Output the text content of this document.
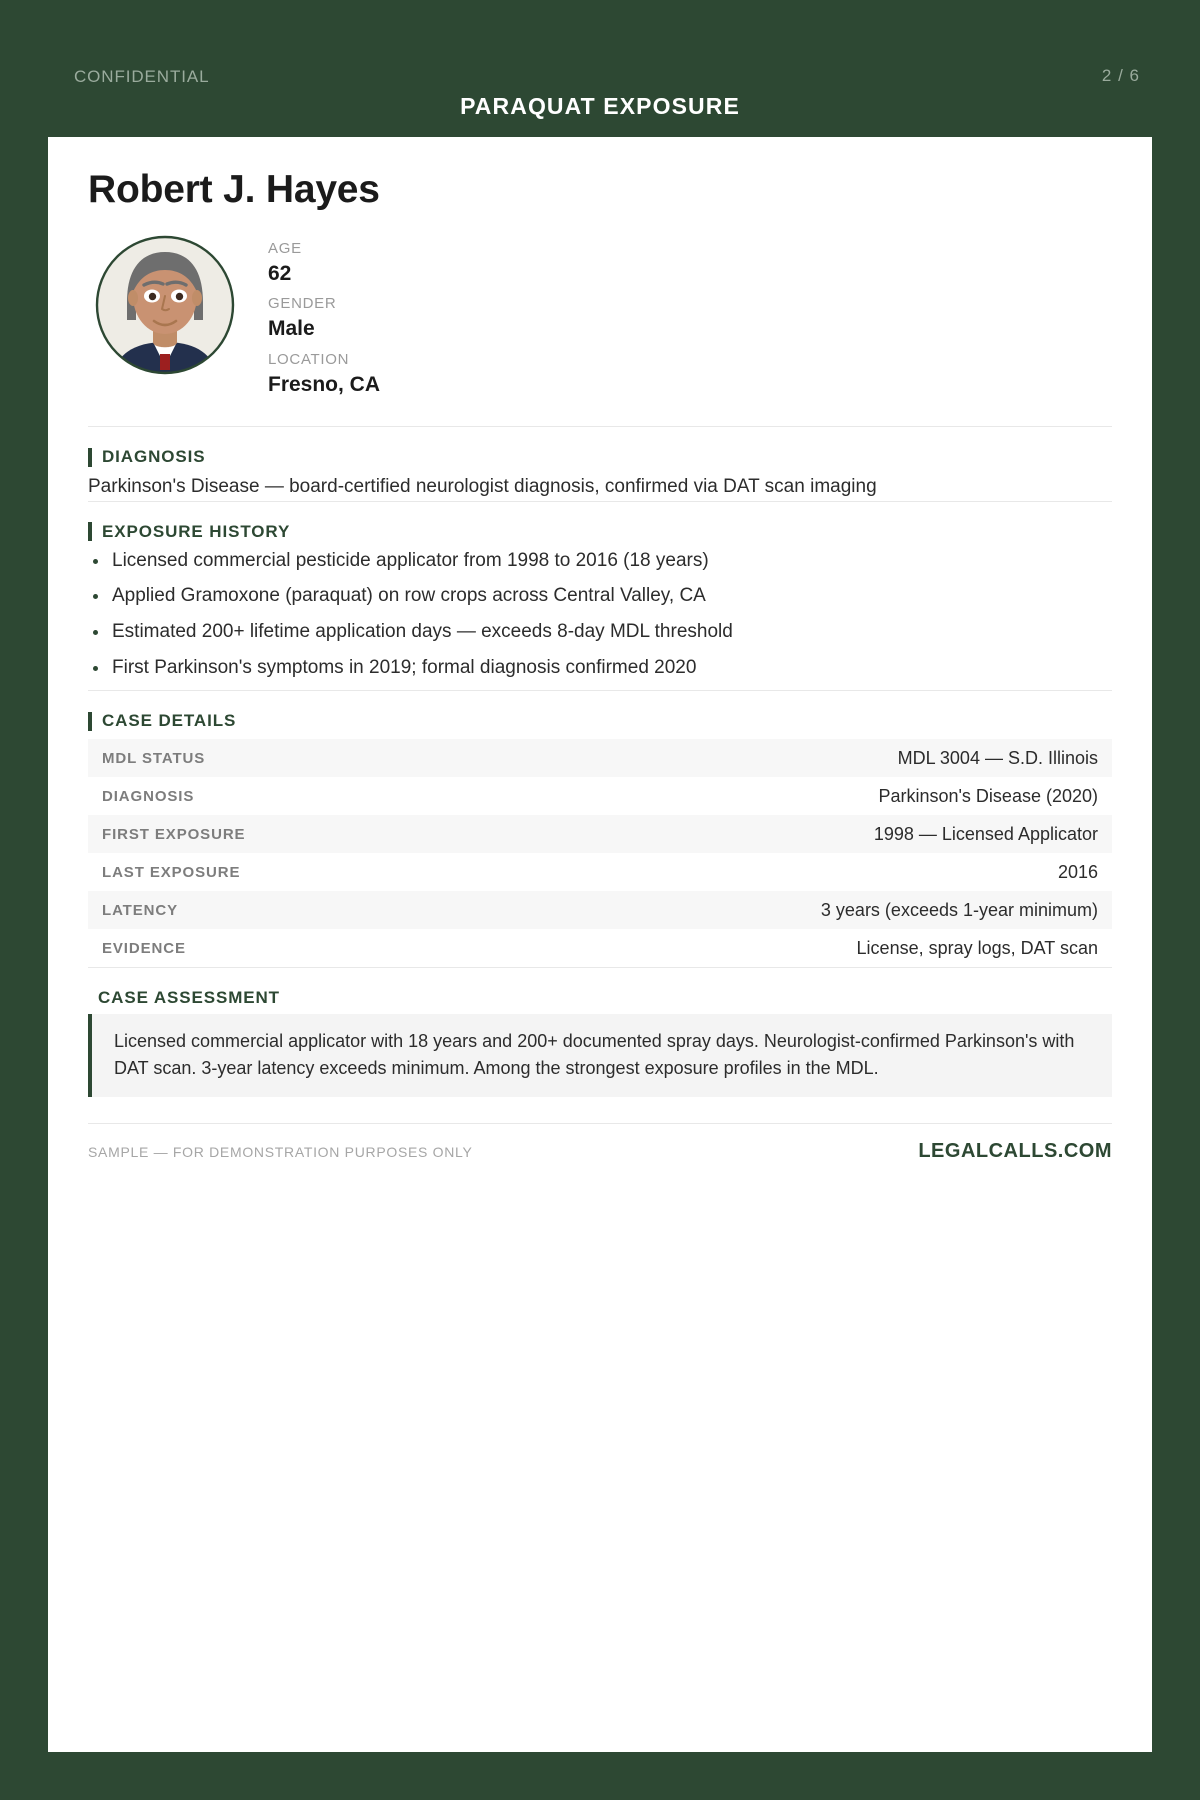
CONFIDENTIAL
PARAQUAT EXPOSURE
2 / 6
Robert J. Hayes
AGE
62
GENDER
Male
LOCATION
Fresno, CA
DIAGNOSIS
Parkinson's Disease — board-certified neurologist diagnosis, confirmed via DAT scan imaging
EXPOSURE HISTORY
Licensed commercial pesticide applicator from 1998 to 2016 (18 years)
Applied Gramoxone (paraquat) on row crops across Central Valley, CA
Estimated 200+ lifetime application days — exceeds 8-day MDL threshold
First Parkinson's symptoms in 2019; formal diagnosis confirmed 2020
CASE DETAILS
MDL STATUS	MDL 3004 — S.D. Illinois
DIAGNOSIS	Parkinson's Disease (2020)
FIRST EXPOSURE	1998 — Licensed Applicator
LAST EXPOSURE	2016
LATENCY	3 years (exceeds 1-year minimum)
EVIDENCE	License, spray logs, DAT scan
CASE ASSESSMENT
Licensed commercial applicator with 18 years and 200+ documented spray days. Neurologist-confirmed Parkinson's with DAT scan. 3-year latency exceeds minimum. Among the strongest exposure profiles in the MDL.
SAMPLE — FOR DEMONSTRATION PURPOSES ONLY	LEGALCALLS.COM
